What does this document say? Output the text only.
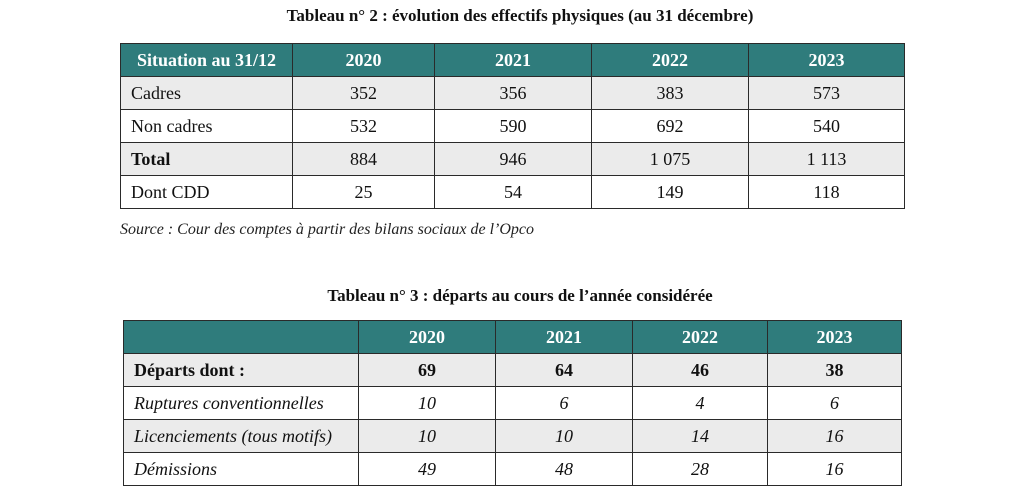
Tableau n° 2 : évolution des effectifs physiques (au 31 décembre)
Situation au 31/12	2020	2021	2022	2023
Cadres	352	356	383	573
Non cadres	532	590	692	540
Total	884	946	1 075	1 113
Dont CDD	25	54	149	118
Source : Cour des comptes à partir des bilans sociaux de l’Opco
Tableau n° 3 : départs au cours de l’année considérée
	2020	2021	2022	2023
Départs dont :	69	64	46	38
Ruptures conventionnelles	10	6	4	6
Licenciements (tous motifs)	10	10	14	16
Démissions	49	48	28	16
